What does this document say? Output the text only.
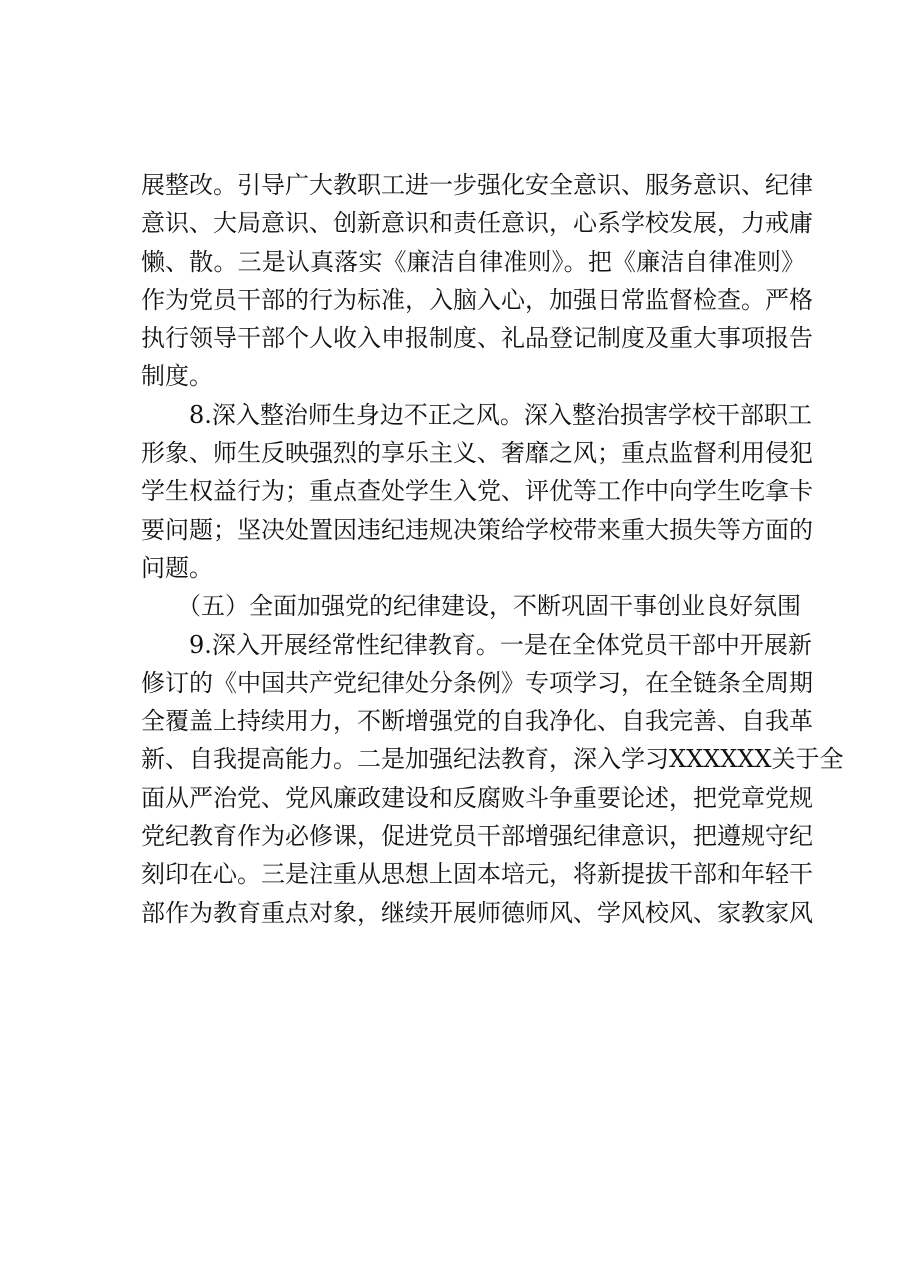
展整改。引导广大教职工进一步强化安全意识、服务意识、纪律
意识、大局意识、创新意识和责任意识，心系学校发展，力戒庸
懒、散。三是认真落实《廉洁自律准则》。把《廉洁自律准则》
作为党员干部的行为标准，入脑入心，加强日常监督检查。严格
执行领导干部个人收入申报制度、礼品登记制度及重大事项报告
制度。
　　8.深入整治师生身边不正之风。深入整治损害学校干部职工
形象、师生反映强烈的享乐主义、奢靡之风；重点监督利用侵犯
学生权益行为；重点查处学生入党、评优等工作中向学生吃拿卡
要问题；坚决处置因违纪违规决策给学校带来重大损失等方面的
问题。
　　（五）全面加强党的纪律建设，不断巩固干事创业良好氛围
　　9.深入开展经常性纪律教育。一是在全体党员干部中开展新
修订的《中国共产党纪律处分条例》专项学习，在全链条全周期
全覆盖上持续用力，不断增强党的自我净化、自我完善、自我革
新、自我提高能力。二是加强纪法教育，深入学习XXXXXX关于全
面从严治党、党风廉政建设和反腐败斗争重要论述，把党章党规
党纪教育作为必修课，促进党员干部增强纪律意识，把遵规守纪
刻印在心。三是注重从思想上固本培元，将新提拔干部和年轻干
部作为教育重点对象，继续开展师德师风、学风校风、家教家风
